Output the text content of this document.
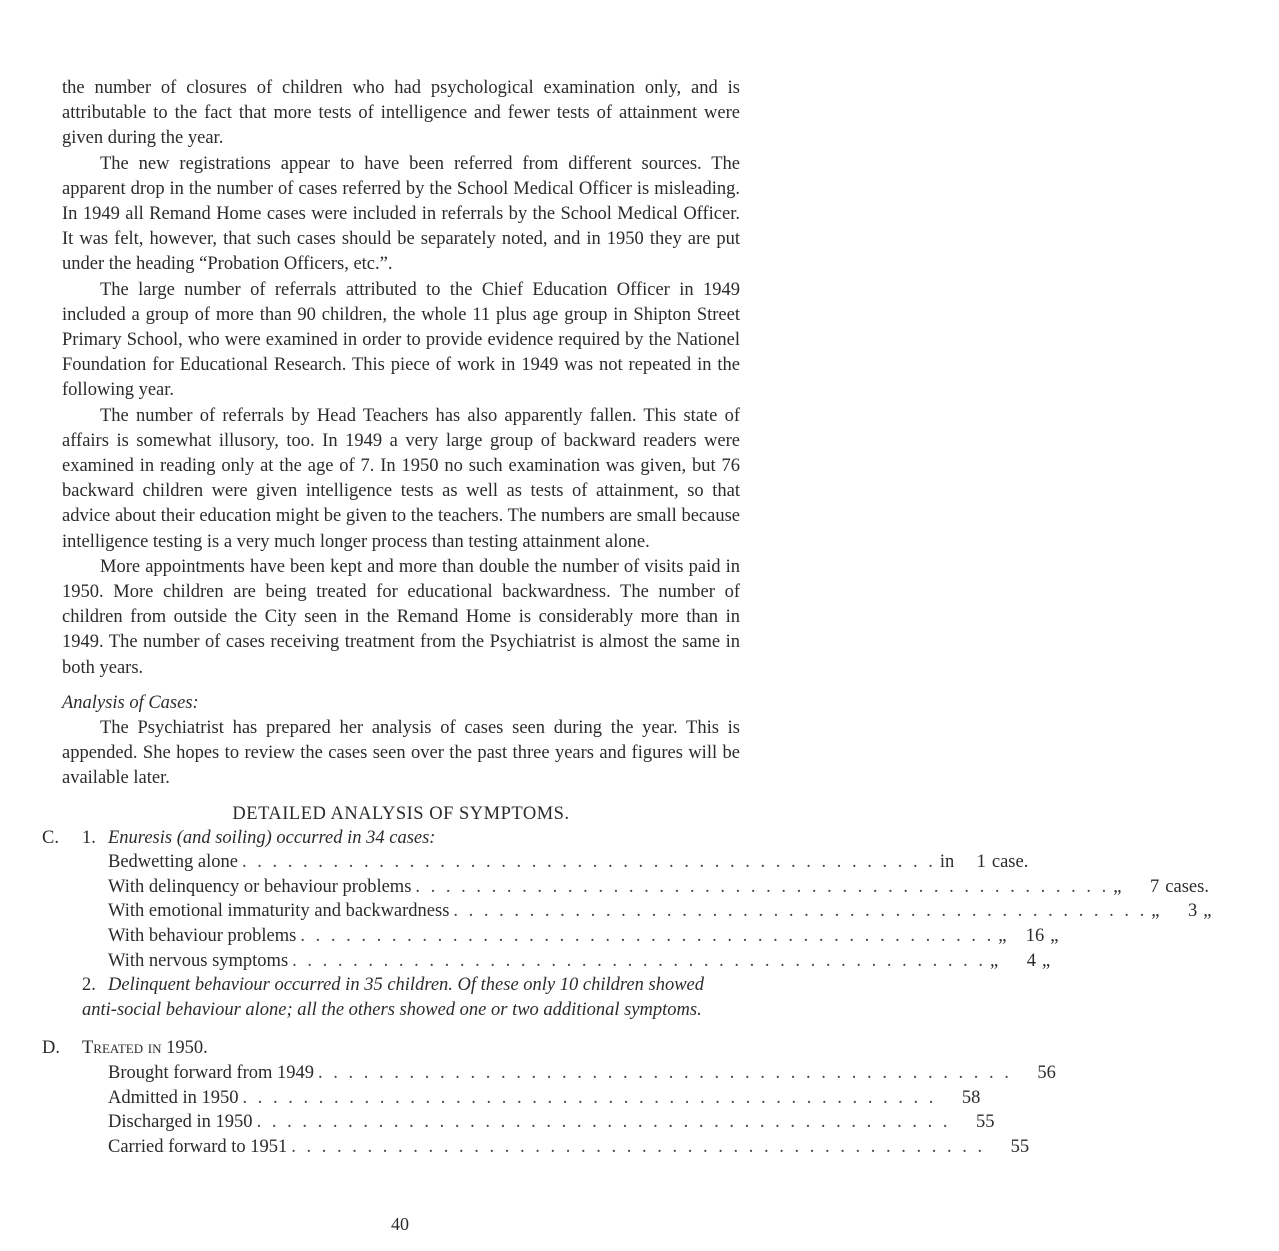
the number of closures of children who had psychological examination only, and is attributable to the fact that more tests of intelligence and fewer tests of attainment were given during the year.

The new registrations appear to have been referred from different sources. The apparent drop in the number of cases referred by the School Medical Officer is misleading. In 1949 all Remand Home cases were included in referrals by the School Medical Officer. It was felt, however, that such cases should be separately noted, and in 1950 they are put under the heading “Probation Officers, etc.”.

The large number of referrals attributed to the Chief Education Officer in 1949 included a group of more than 90 children, the whole 11 plus age group in Shipton Street Primary School, who were examined in order to provide evidence required by the Nationel Foundation for Educational Research. This piece of work in 1949 was not repeated in the following year.

The number of referrals by Head Teachers has also apparently fallen. This state of affairs is somewhat illusory, too. In 1949 a very large group of backward readers were examined in reading only at the age of 7. In 1950 no such examination was given, but 76 backward children were given intelligence tests as well as tests of attainment, so that advice about their education might be given to the teachers. The numbers are small because intelligence testing is a very much longer process than testing attainment alone.

More appointments have been kept and more than double the number of visits paid in 1950. More children are being treated for educational backwardness. The number of children from outside the City seen in the Remand Home is considerably more than in 1949. The number of cases receiving treatment from the Psychiatrist is almost the same in both years.

Analysis of Cases:

The Psychiatrist has prepared her analysis of cases seen during the year. This is appended. She hopes to review the cases seen over the past three years and figures will be available later.

DETAILED ANALYSIS OF SYMPTOMS.

C.	1. Enuresis (and soiling) occurred in 34 cases:
Bedwetting alone . . . . . . . . . . . . . . . . . . . . . . . . . . . . . . . . . . . . . . . . . . . . . . in 1 case.
With delinquency or behaviour problems . . . . . . . . . . . . . . . . . . . . . . . . . . . . . . . . . . . . . . . . . . . . . . „ 7 cases.
With emotional immaturity and backwardness . . . . . . . . . . . . . . . . . . . . . . . . . . . . . . . . . . . . . . . . . . . . . . „ 3 „
With behaviour problems . . . . . . . . . . . . . . . . . . . . . . . . . . . . . . . . . . . . . . . . . . . . . . „ 16 „
With nervous symptoms . . . . . . . . . . . . . . . . . . . . . . . . . . . . . . . . . . . . . . . . . . . . . . „ 4 „
2. Delinquent behaviour occurred in 35 children. Of these only 10 children showed anti-social behaviour alone; all the others showed one or two additional symptoms.
D.	Treated in 1950.
Brought forward from 1949 . . . . . . . . . . . . . . . . . . . . . . . . . . . . . . . . . . . . . . . . . . . . . .	56
Admitted in 1950 . . . . . . . . . . . . . . . . . . . . . . . . . . . . . . . . . . . . . . . . . . . . . .	58
Discharged in 1950 . . . . . . . . . . . . . . . . . . . . . . . . . . . . . . . . . . . . . . . . . . . . . .	55
Carried forward to 1951 . . . . . . . . . . . . . . . . . . . . . . . . . . . . . . . . . . . . . . . . . . . . . .	55
40
